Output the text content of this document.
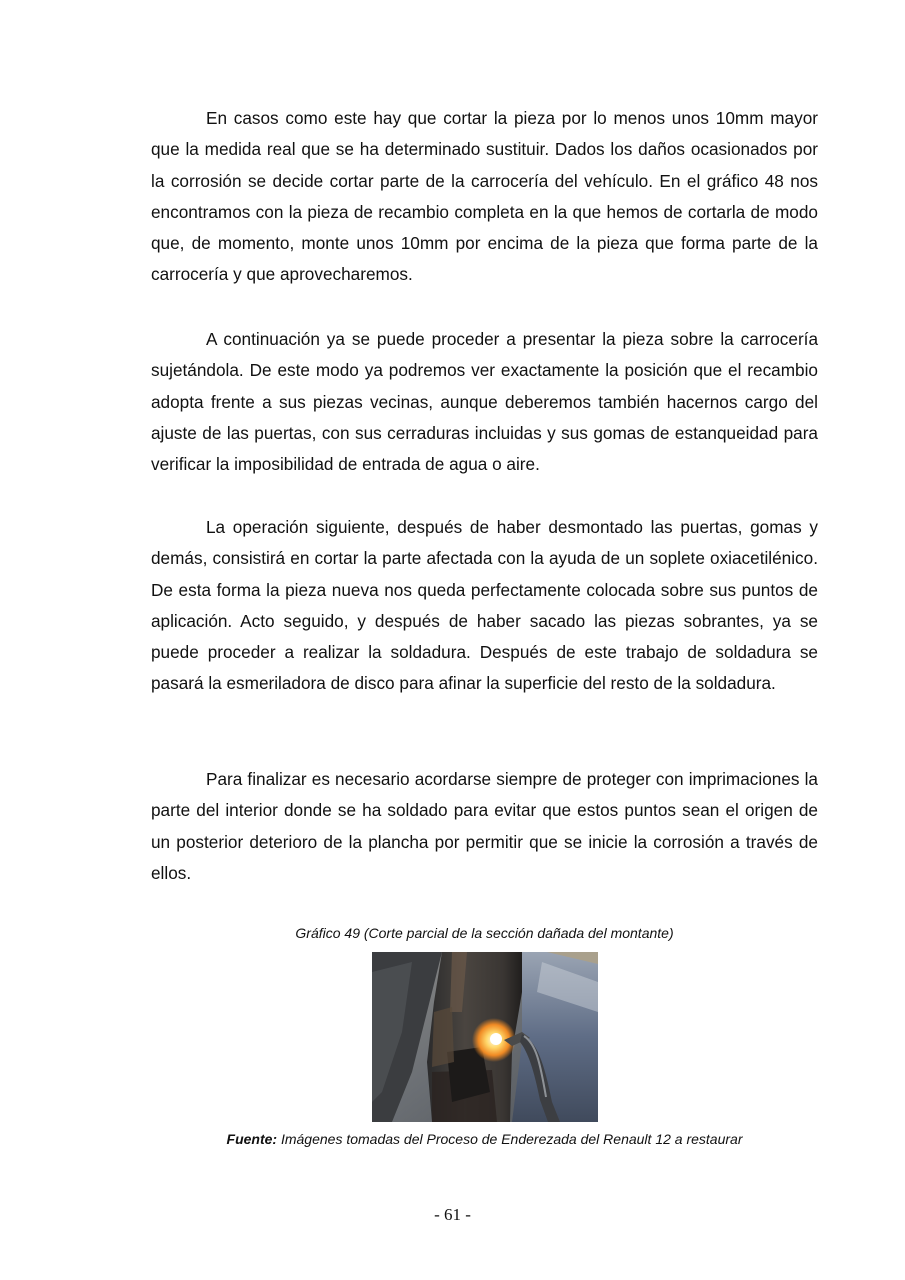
En casos como este hay que cortar la pieza por lo menos unos 10mm mayor que la medida real que se ha determinado sustituir. Dados los daños ocasionados por la corrosión se decide cortar parte de la carrocería del vehículo. En el gráfico 48 nos encontramos con la pieza de recambio completa en la que hemos de cortarla de modo que, de momento, monte unos 10mm por encima de la pieza que forma parte de la carrocería y que aprovecharemos.

A continuación ya se puede proceder a presentar la pieza sobre la carrocería sujetándola. De este modo ya podremos ver exactamente la posición que el recambio adopta frente a sus piezas vecinas, aunque deberemos también hacernos cargo del ajuste de las puertas, con sus cerraduras incluidas y sus gomas de estanqueidad para verificar la imposibilidad de entrada de agua o aire.

La operación siguiente, después de haber desmontado las puertas, gomas y demás, consistirá en cortar la parte afectada con la ayuda de un soplete oxiacetilénico. De esta forma la pieza nueva nos queda perfectamente colocada sobre sus puntos de aplicación. Acto seguido, y después de haber sacado las piezas sobrantes, ya se puede proceder a realizar la soldadura. Después de este trabajo de soldadura se pasará la esmeriladora de disco para afinar la superficie del resto de la soldadura.

Para finalizar es necesario acordarse siempre de proteger con imprimaciones la parte del interior donde se ha soldado para evitar que estos puntos sean el origen de un posterior deterioro de la plancha por permitir que se inicie la corrosión a través de ellos.

Gráfico 49 (Corte parcial de la sección dañada del montante)
Fuente: Imágenes tomadas del Proceso de Enderezada del Renault 12 a restaurar
- 61 -
